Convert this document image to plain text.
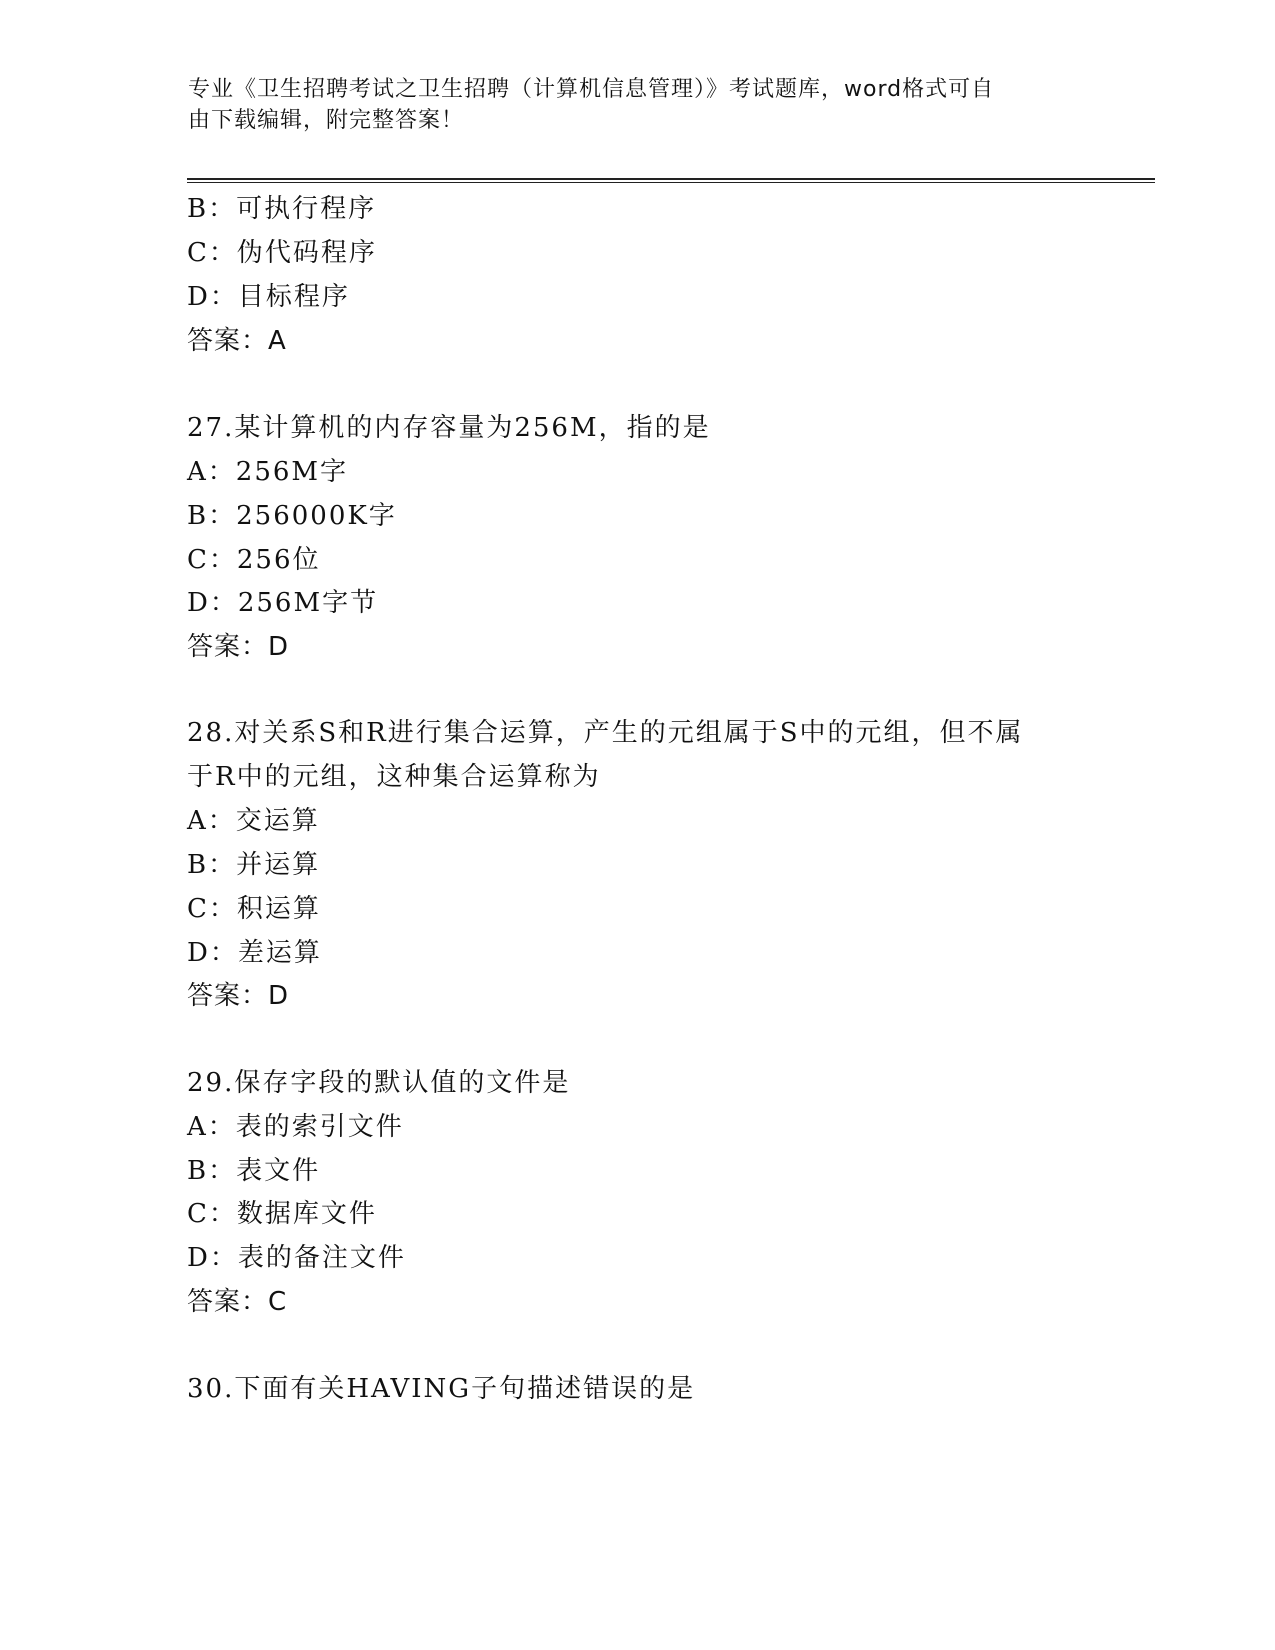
专业《卫生招聘考试之卫生招聘（计算机信息管理）》考试题库，word格式可自
由下载编辑，附完整答案！
B：可执行程序
C：伪代码程序
D：目标程序
答案：A
27.某计算机的内存容量为256M，指的是
A：256M字
B：256000K字
C：256位
D：256M字节
答案：D
28.对关系S和R进行集合运算，产生的元组属于S中的元组，但不属
于R中的元组，这种集合运算称为
A：交运算
B：并运算
C：积运算
D：差运算
答案：D
29.保存字段的默认值的文件是
A：表的索引文件
B：表文件
C：数据库文件
D：表的备注文件
答案：C
30.下面有关HAVING子句描述错误的是
